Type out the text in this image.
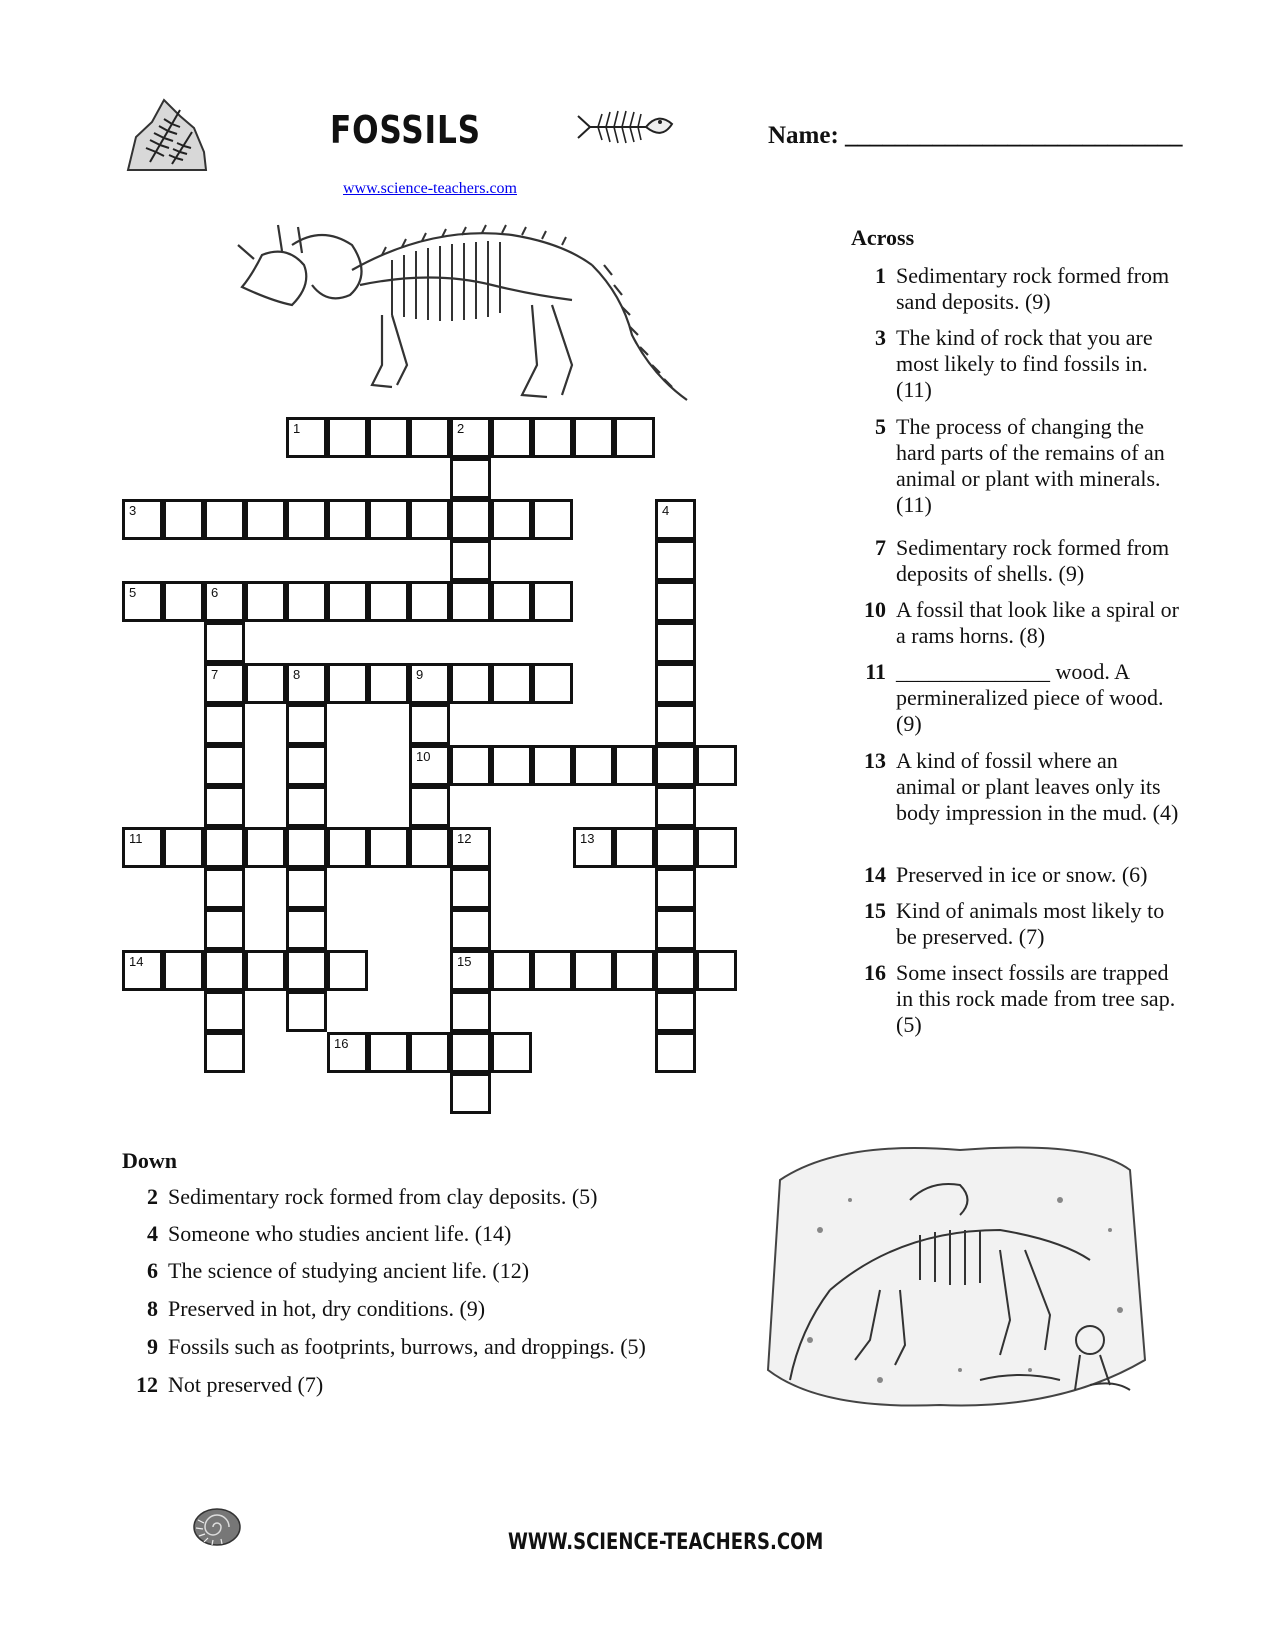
FOSSILS	Name: ___________________________
www.science-teachers.com
Across
1 Sedimentary rock formed from sand deposits. (9)
3 The kind of rock that you are most likely to find fossils in. (11)
5 The process of changing the hard parts of the remains of an animal or plant with minerals. (11)
7 Sedimentary rock formed from deposits of shells. (9)
10 A fossil that look like a spiral or a rams horns. (8)
11 ______________ wood. A permineralized piece of wood. (9)
13 A kind of fossil where an animal or plant leaves only its body impression in the mud. (4)
14 Preserved in ice or snow. (6)
15 Kind of animals most likely to be preserved. (7)
16 Some insect fossils are trapped in this rock made from tree sap. (5)
Down
2 Sedimentary rock formed from clay deposits. (5)
4 Someone who studies ancient life. (14)
6 The science of studying ancient life. (12)
8 Preserved in hot, dry conditions. (9)
9 Fossils such as footprints, burrows, and droppings. (5)
12 Not preserved (7)
WWW.SCIENCE-TEACHERS.COM
1	2
3	4
5	6
7	8	9
10
11	12
15
13
14
16
